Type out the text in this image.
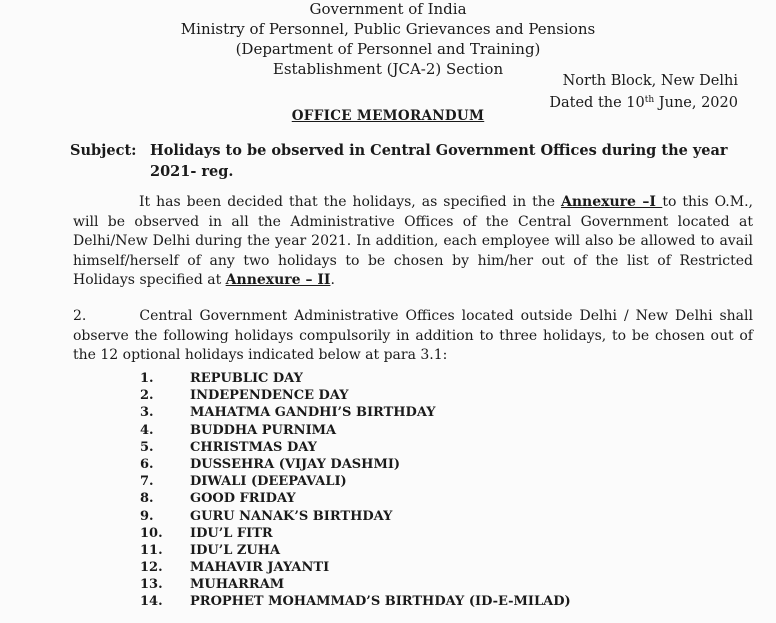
Government of India
Ministry of Personnel, Public Grievances and Pensions
(Department of Personnel and Training)
Establishment (JCA-2) Section
North Block, New Delhi
Dated the 10th June, 2020
OFFICE MEMORANDUM
Subject: Holidays to be observed in Central Government Offices during the year 2021- reg.
It has been decided that the holidays, as specified in the Annexure –I to this O.M., will be observed in all the Administrative Offices of the Central Government located at Delhi/New Delhi during the year 2021. In addition, each employee will also be allowed to avail himself/herself of any two holidays to be chosen by him/her out of the list of Restricted Holidays specified at Annexure – II.
2.	Central Government Administrative Offices located outside Delhi / New Delhi shall observe the following holidays compulsorily in addition to three holidays, to be chosen out of the 12 optional holidays indicated below at para 3.1:
1.	REPUBLIC DAY
2.	INDEPENDENCE DAY
3.	MAHATMA GANDHI’S BIRTHDAY
4.	BUDDHA PURNIMA
5.	CHRISTMAS DAY
6.	DUSSEHRA (VIJAY DASHMI)
7.	DIWALI (DEEPAVALI)
8.	GOOD FRIDAY
9.	GURU NANAK’S BIRTHDAY
10.	IDU’L FITR
11.	IDU’L ZUHA
12.	MAHAVIR JAYANTI
13.	MUHARRAM
14.	PROPHET MOHAMMAD’S BIRTHDAY (ID-E-MILAD)
